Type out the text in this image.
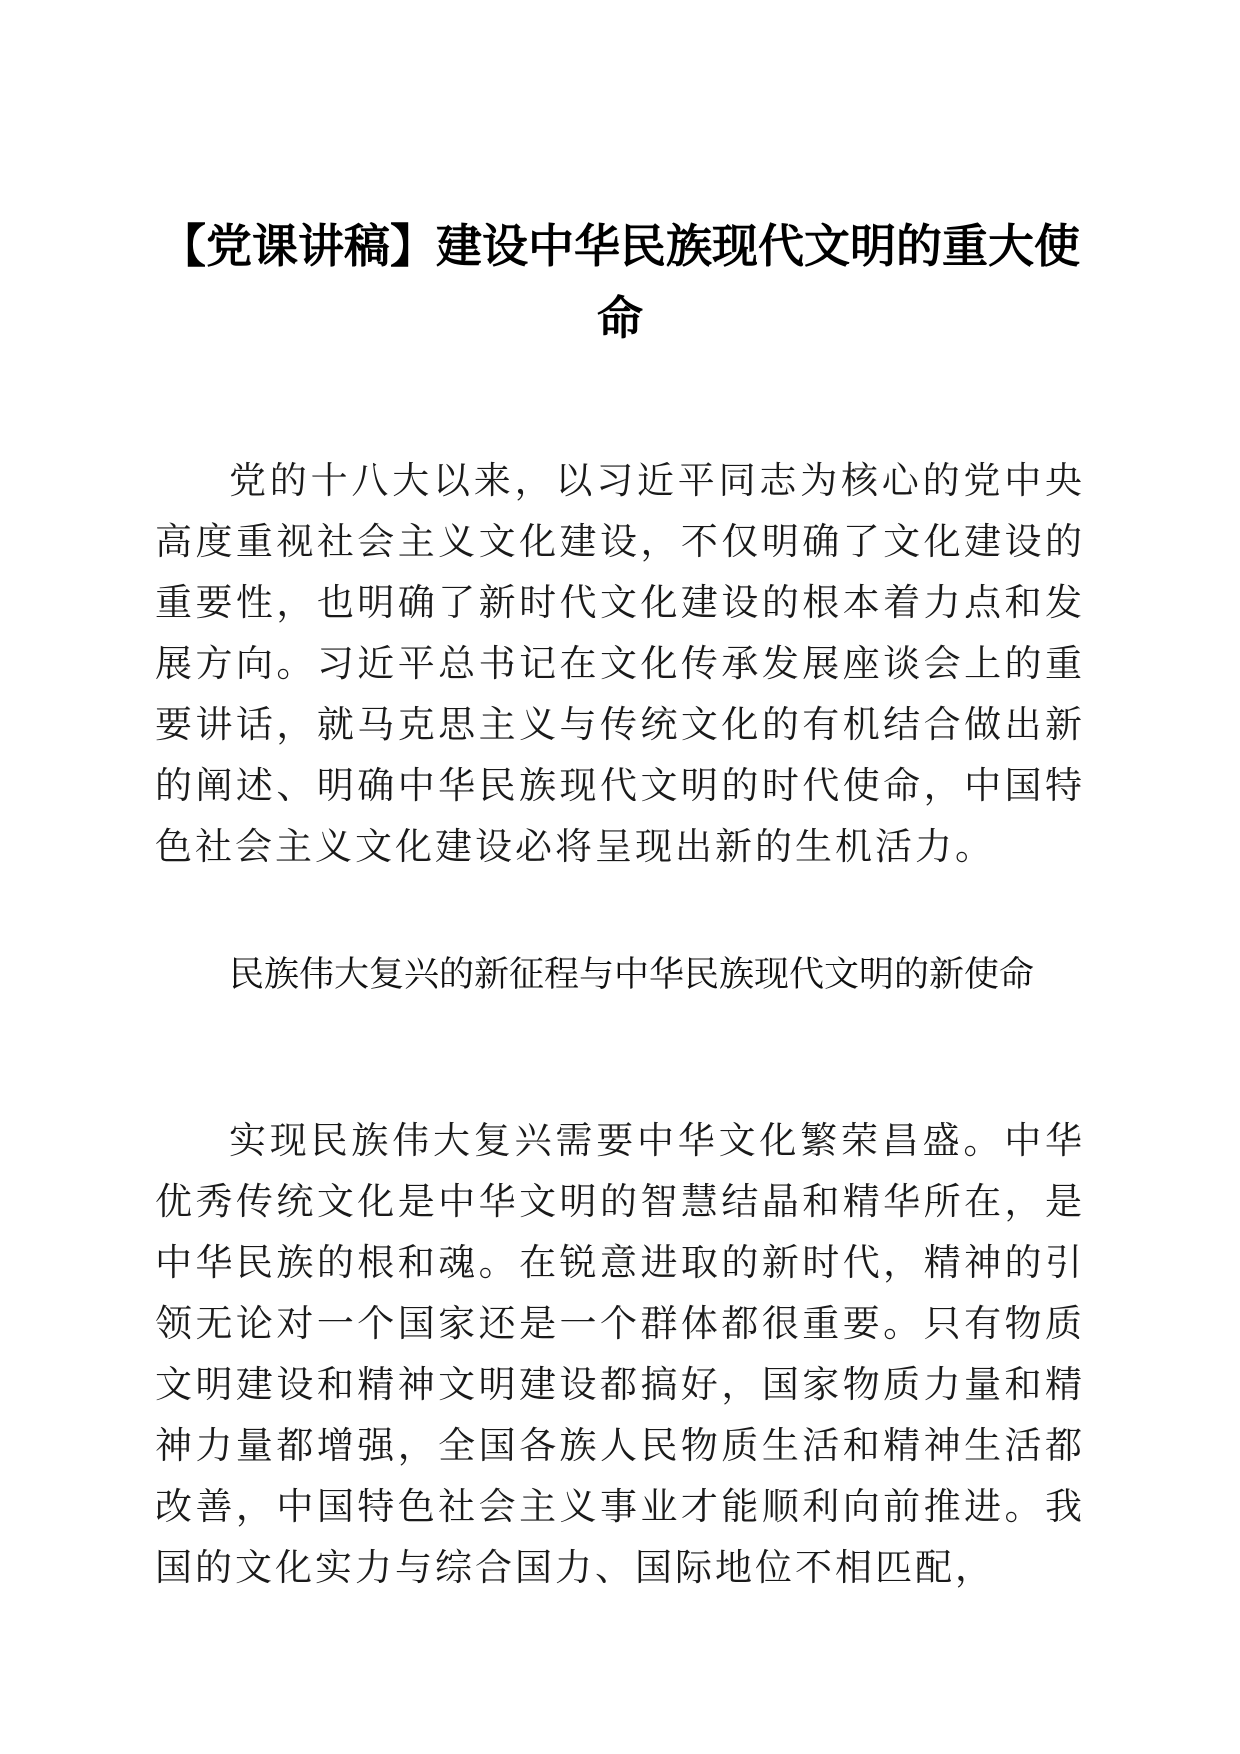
【党课讲稿】建设中华民族现代文明的重大使命

党的十八大以来，以习近平同志为核心的党中央高度重视社会主义文化建设，不仅明确了文化建设的重要性，也明确了新时代文化建设的根本着力点和发展方向。习近平总书记在文化传承发展座谈会上的重要讲话，就马克思主义与传统文化的有机结合做出新的阐述、明确中华民族现代文明的时代使命，中国特色社会主义文化建设必将呈现出新的生机活力。

民族伟大复兴的新征程与中华民族现代文明的新使命

实现民族伟大复兴需要中华文化繁荣昌盛。中华优秀传统文化是中华文明的智慧结晶和精华所在，是中华民族的根和魂。在锐意进取的新时代，精神的引领无论对一个国家还是一个群体都很重要。只有物质文明建设和精神文明建设都搞好，国家物质力量和精神力量都增强，全国各族人民物质生活和精神生活都改善，中国特色社会主义事业才能顺利向前推进。我国的文化实力与综合国力、国际地位不相匹配，
